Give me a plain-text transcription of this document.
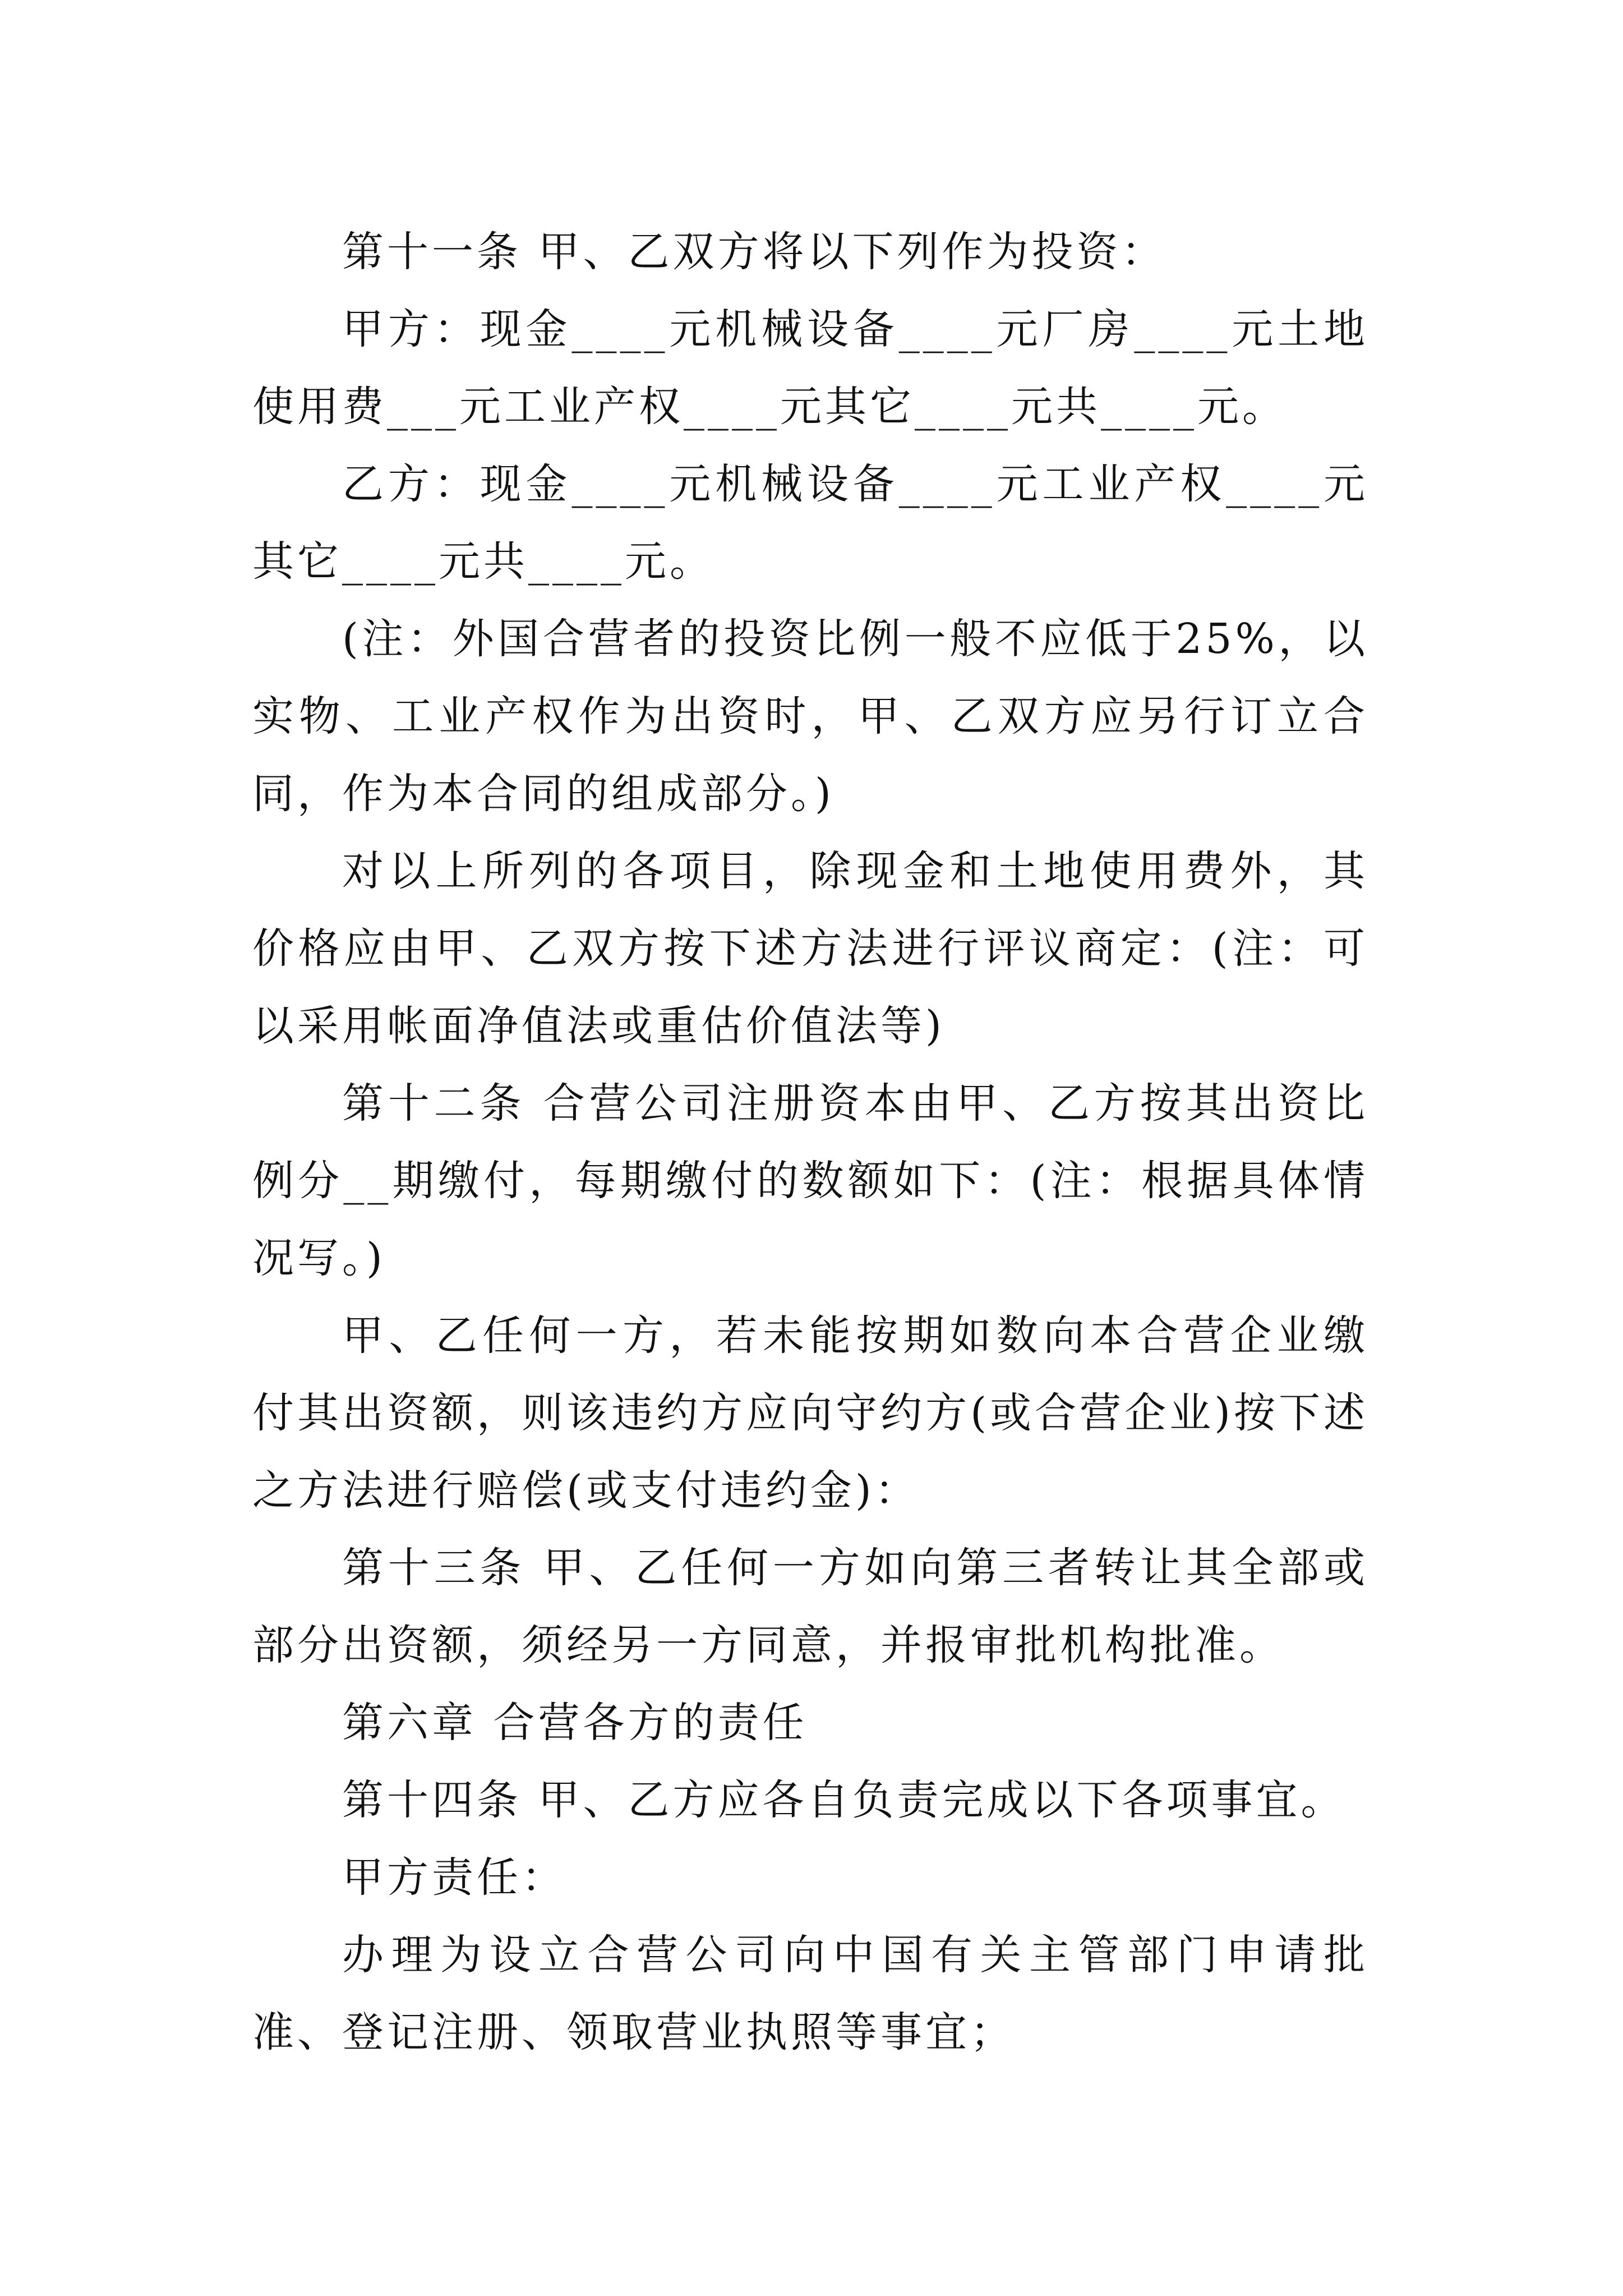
第十一条 甲、乙双方将以下列作为投资：

甲方：现金____元机械设备____元厂房____元土地使用费___元工业产权____元其它____元共____元。

乙方：现金____元机械设备____元工业产权____元其它____元共____元。

(注：外国合营者的投资比例一般不应低于25%，以实物、工业产权作为出资时，甲、乙双方应另行订立合同，作为本合同的组成部分。)

对以上所列的各项目，除现金和土地使用费外，其价格应由甲、乙双方按下述方法进行评议商定：(注：可以采用帐面净值法或重估价值法等)

第十二条 合营公司注册资本由甲、乙方按其出资比例分__期缴付，每期缴付的数额如下：(注：根据具体情况写。)

甲、乙任何一方，若未能按期如数向本合营企业缴付其出资额，则该违约方应向守约方(或合营企业)按下述之方法进行赔偿(或支付违约金)：

第十三条 甲、乙任何一方如向第三者转让其全部或部分出资额，须经另一方同意，并报审批机构批准。

第六章 合营各方的责任

第十四条 甲、乙方应各自负责完成以下各项事宜。

甲方责任：

办理为设立合营公司向中国有关主管部门申请批准、登记注册、领取营业执照等事宜；
